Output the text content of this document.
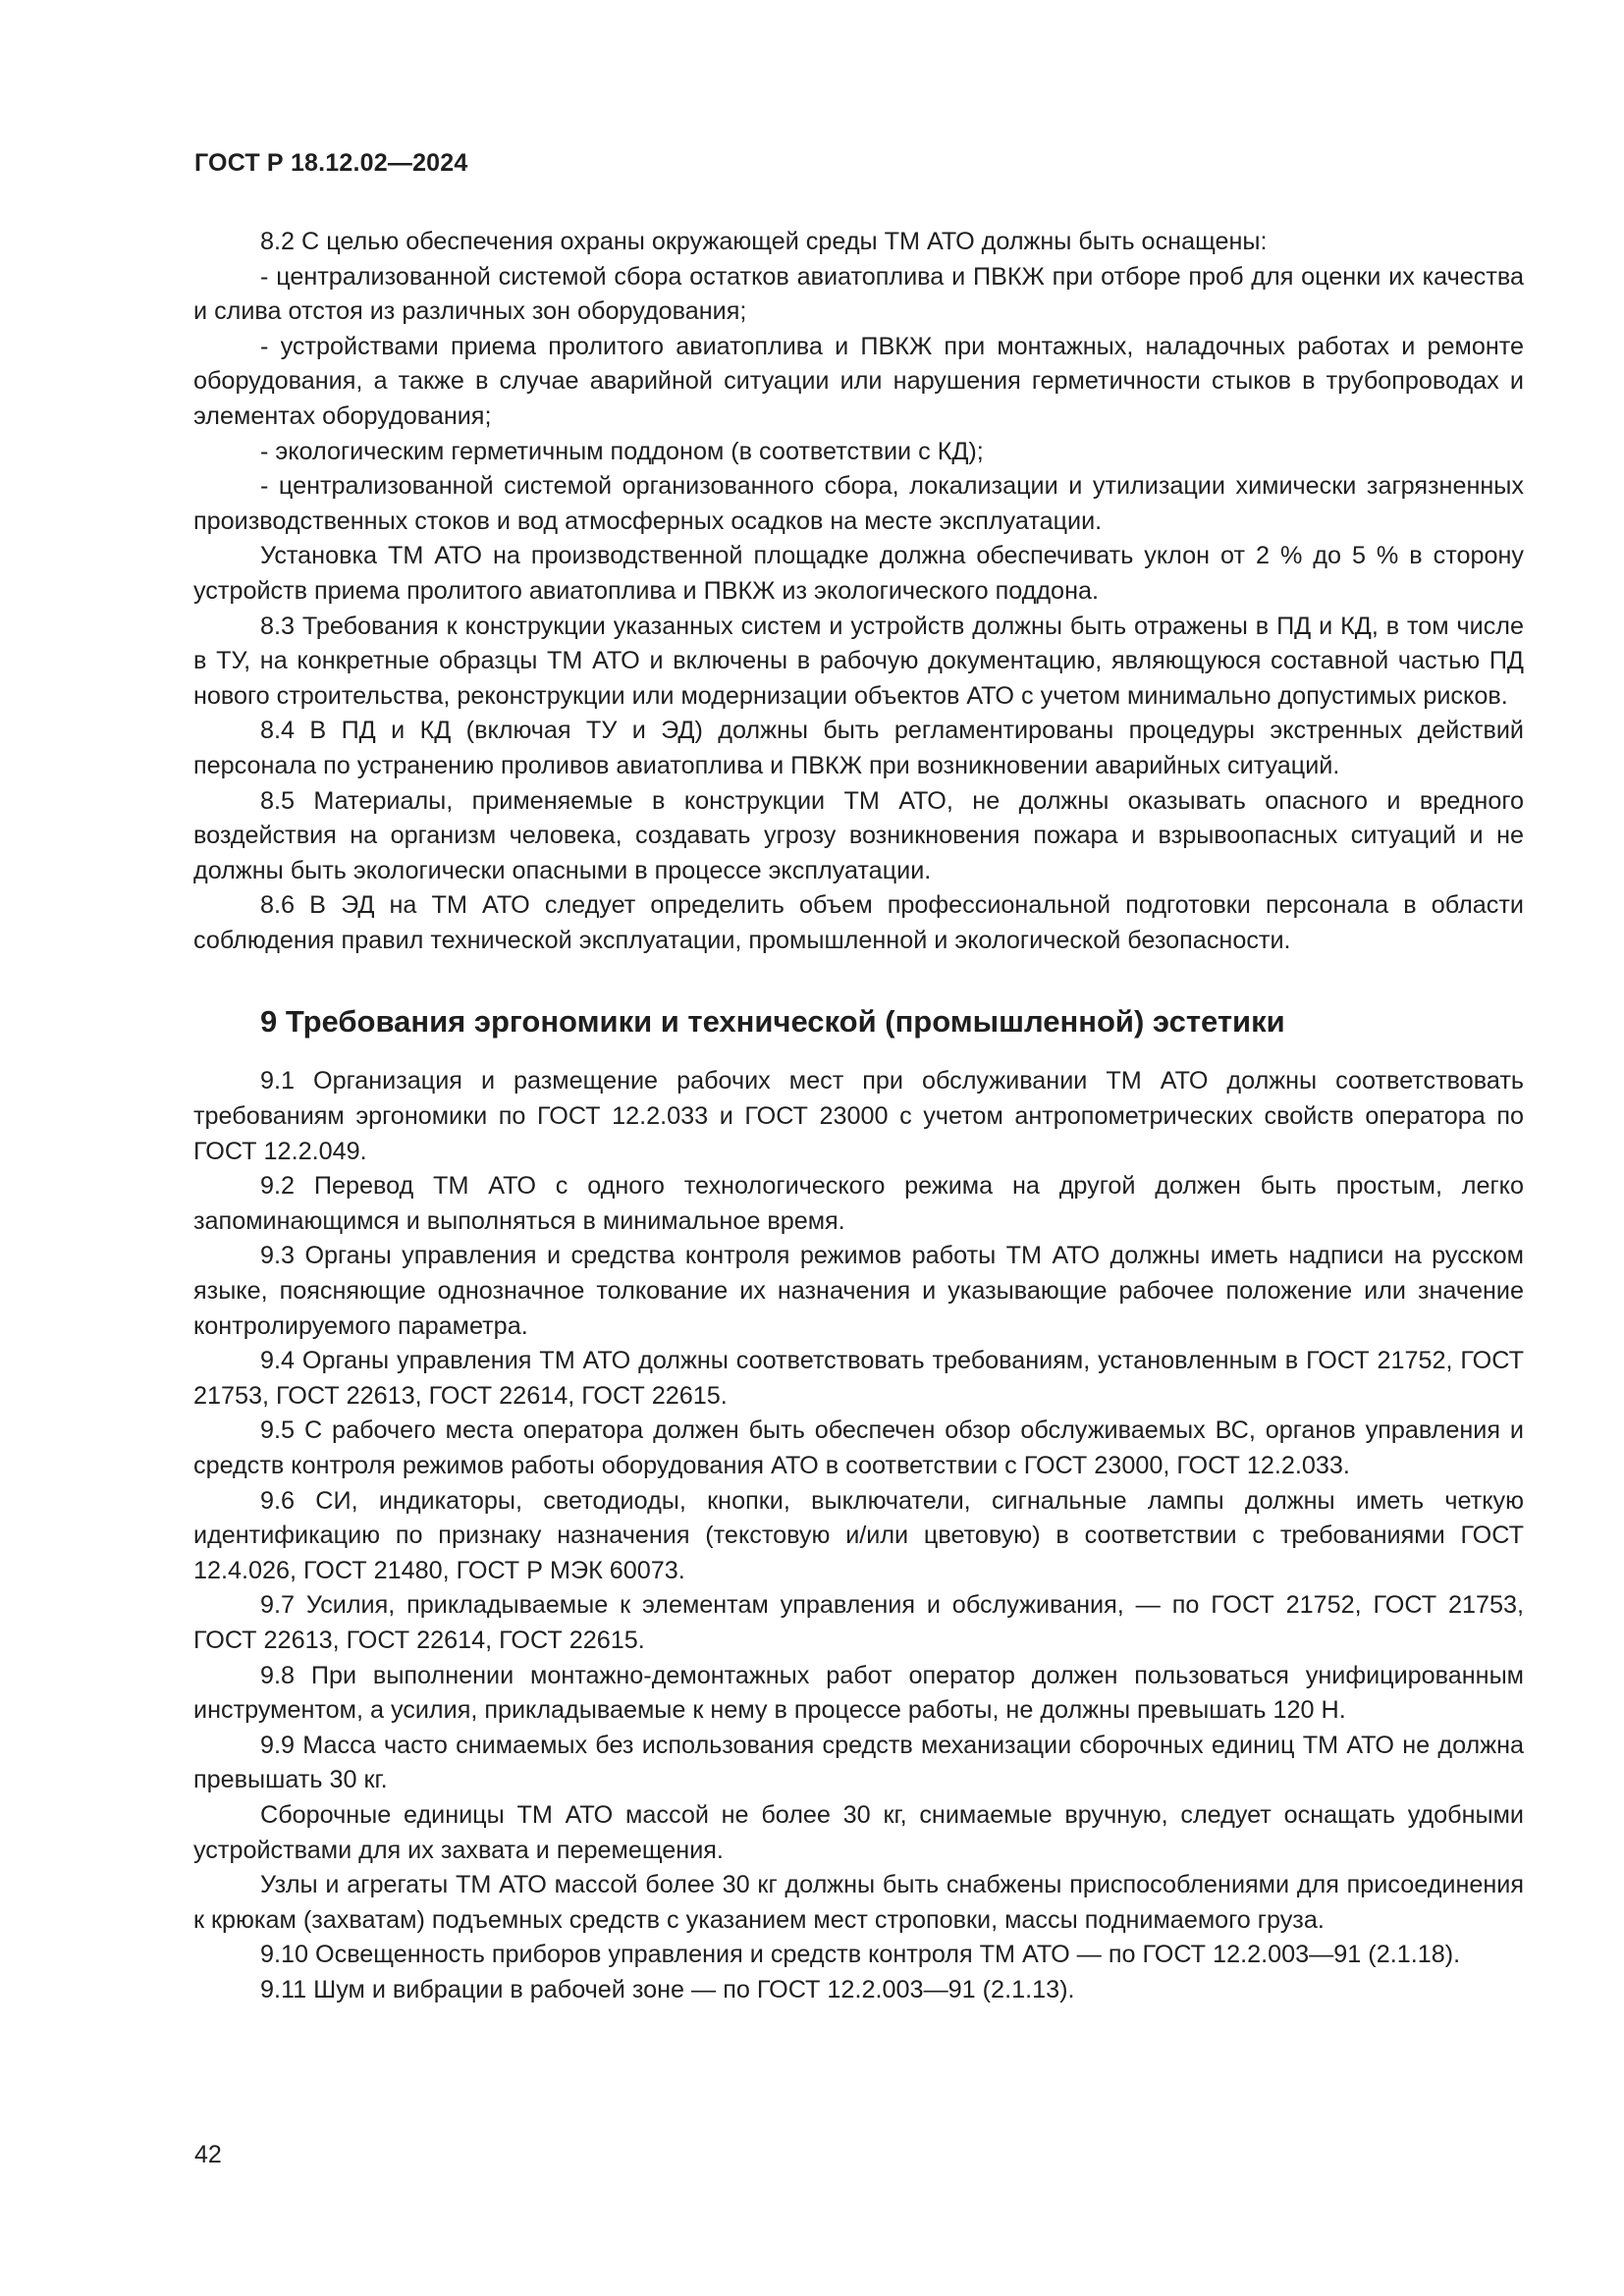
ГОСТ Р 18.12.02—2024

8.2 С целью обеспечения охраны окружающей среды ТМ АТО должны быть оснащены:

- централизованной системой сбора остатков авиатоплива и ПВКЖ при отборе проб для оценки их качества и слива отстоя из различных зон оборудования;

- устройствами приема пролитого авиатоплива и ПВКЖ при монтажных, наладочных работах и ремонте оборудования, а также в случае аварийной ситуации или нарушения герметичности стыков в трубопроводах и элементах оборудования;

- экологическим герметичным поддоном (в соответствии с КД);

- централизованной системой организованного сбора, локализации и утилизации химически загрязненных производственных стоков и вод атмосферных осадков на месте эксплуатации.

Установка ТМ АТО на производственной площадке должна обеспечивать уклон от 2 % до 5 % в сторону устройств приема пролитого авиатоплива и ПВКЖ из экологического поддона.

8.3 Требования к конструкции указанных систем и устройств должны быть отражены в ПД и КД, в том числе в ТУ, на конкретные образцы ТМ АТО и включены в рабочую документацию, являющуюся составной частью ПД нового строительства, реконструкции или модернизации объектов АТО с учетом минимально допустимых рисков.

8.4 В ПД и КД (включая ТУ и ЭД) должны быть регламентированы процедуры экстренных действий персонала по устранению проливов авиатоплива и ПВКЖ при возникновении аварийных ситуаций.

8.5 Материалы, применяемые в конструкции ТМ АТО, не должны оказывать опасного и вредного воздействия на организм человека, создавать угрозу возникновения пожара и взрывоопасных ситуаций и не должны быть экологически опасными в процессе эксплуатации.

8.6 В ЭД на ТМ АТО следует определить объем профессиональной подготовки персонала в области соблюдения правил технической эксплуатации, промышленной и экологической безопасности.

9 Требования эргономики и технической (промышленной) эстетики

9.1 Организация и размещение рабочих мест при обслуживании ТМ АТО должны соответствовать требованиям эргономики по ГОСТ 12.2.033 и ГОСТ 23000 с учетом антропометрических свойств оператора по ГОСТ 12.2.049.

9.2 Перевод ТМ АТО с одного технологического режима на другой должен быть простым, легко запоминающимся и выполняться в минимальное время.

9.3 Органы управления и средства контроля режимов работы ТМ АТО должны иметь надписи на русском языке, поясняющие однозначное толкование их назначения и указывающие рабочее положение или значение контролируемого параметра.

9.4 Органы управления ТМ АТО должны соответствовать требованиям, установленным в ГОСТ 21752, ГОСТ 21753, ГОСТ 22613, ГОСТ 22614, ГОСТ 22615.

9.5 С рабочего места оператора должен быть обеспечен обзор обслуживаемых ВС, органов управления и средств контроля режимов работы оборудования АТО в соответствии с ГОСТ 23000, ГОСТ 12.2.033.

9.6 СИ, индикаторы, светодиоды, кнопки, выключатели, сигнальные лампы должны иметь четкую идентификацию по признаку назначения (текстовую и/или цветовую) в соответствии с требованиями ГОСТ 12.4.026, ГОСТ 21480, ГОСТ Р МЭК 60073.

9.7 Усилия, прикладываемые к элементам управления и обслуживания, — по ГОСТ 21752, ГОСТ 21753, ГОСТ 22613, ГОСТ 22614, ГОСТ 22615.

9.8 При выполнении монтажно-демонтажных работ оператор должен пользоваться унифицированным инструментом, а усилия, прикладываемые к нему в процессе работы, не должны превышать 120 Н.

9.9 Масса часто снимаемых без использования средств механизации сборочных единиц ТМ АТО не должна превышать 30 кг.

Сборочные единицы ТМ АТО массой не более 30 кг, снимаемые вручную, следует оснащать удобными устройствами для их захвата и перемещения.

Узлы и агрегаты ТМ АТО массой более 30 кг должны быть снабжены приспособлениями для присоединения к крюкам (захватам) подъемных средств с указанием мест строповки, массы поднимаемого груза.

9.10 Освещенность приборов управления и средств контроля ТМ АТО — по ГОСТ 12.2.003—91 (2.1.18).

9.11 Шум и вибрации в рабочей зоне — по ГОСТ 12.2.003—91 (2.1.13).

42
